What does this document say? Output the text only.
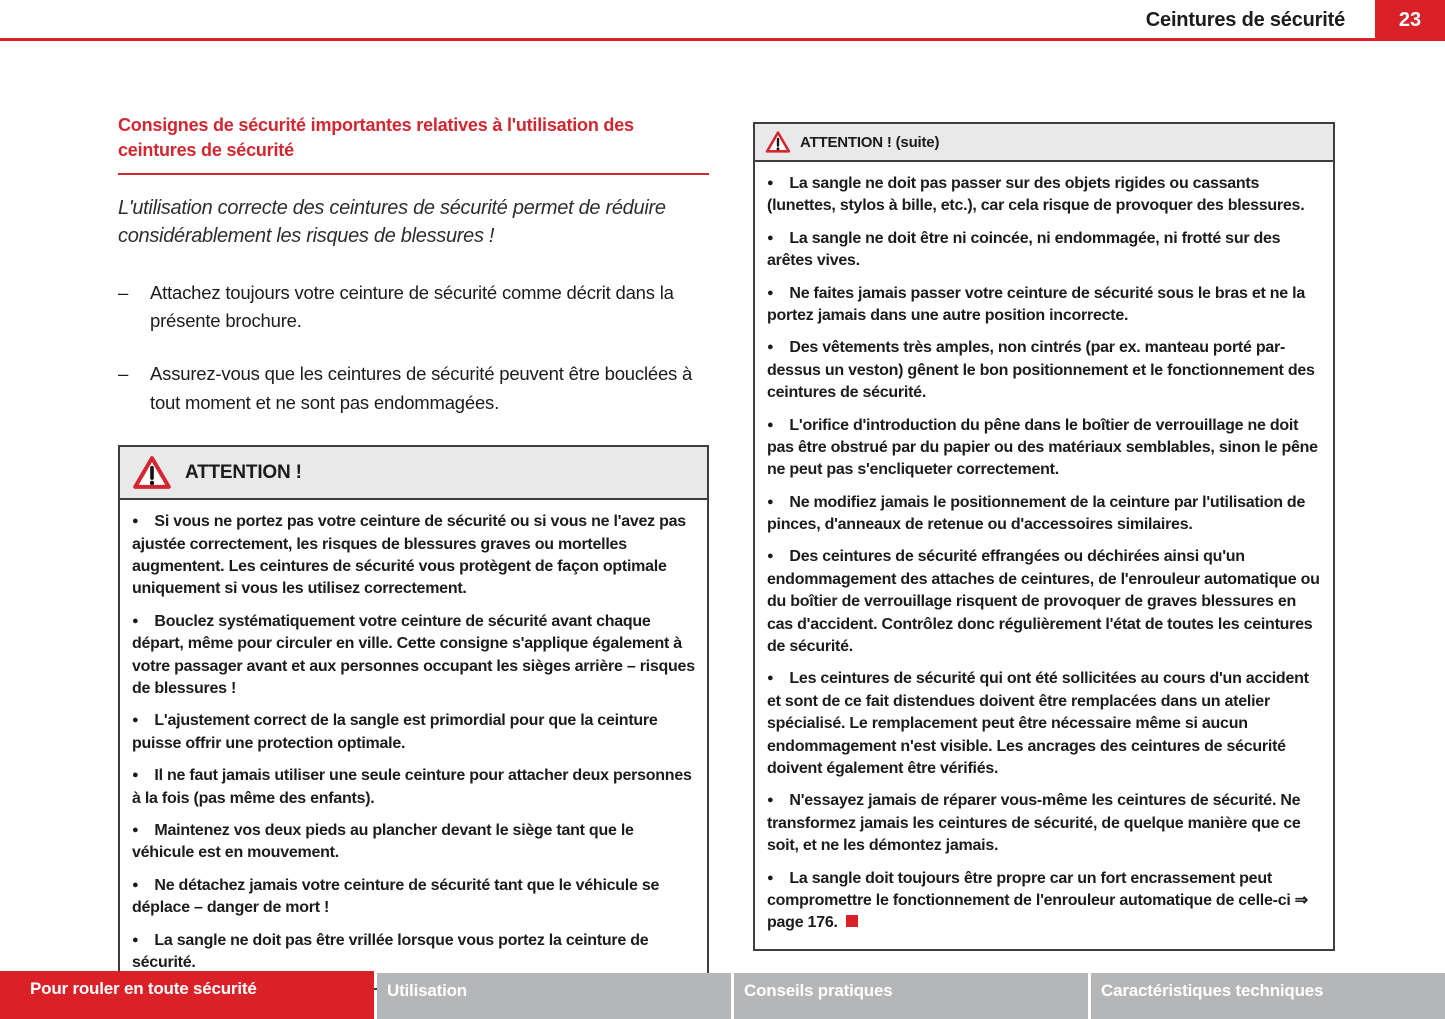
Ceintures de sécurité	23
Consignes de sécurité importantes relatives à l'utilisation des ceintures de sécurité

L'utilisation correcte des ceintures de sécurité permet de réduire considérablement les risques de blessures !

–	Attachez toujours votre ceinture de sécurité comme décrit dans la présente brochure.
–	Assurez-vous que les ceintures de sécurité peuvent être bouclées à tout moment et ne sont pas endommagées.
ATTENTION !

● Si vous ne portez pas votre ceinture de sécurité ou si vous ne l'avez pas ajustée correctement, les risques de blessures graves ou mortelles augmentent. Les ceintures de sécurité vous protègent de façon optimale uniquement si vous les utilisez correctement.

● Bouclez systématiquement votre ceinture de sécurité avant chaque départ, même pour circuler en ville. Cette consigne s'applique également à votre passager avant et aux personnes occupant les sièges arrière – risques de blessures !

● L'ajustement correct de la sangle est primordial pour que la ceinture puisse offrir une protection optimale.

● Il ne faut jamais utiliser une seule ceinture pour attacher deux personnes à la fois (pas même des enfants).

● Maintenez vos deux pieds au plancher devant le siège tant que le véhicule est en mouvement.

● Ne détachez jamais votre ceinture de sécurité tant que le véhicule se déplace – danger de mort !

● La sangle ne doit pas être vrillée lorsque vous portez la ceinture de sécurité.

ATTENTION ! (suite)

● La sangle ne doit pas passer sur des objets rigides ou cassants (lunettes, stylos à bille, etc.), car cela risque de provoquer des blessures.

● La sangle ne doit être ni coincée, ni endommagée, ni frotté sur des arêtes vives.

● Ne faites jamais passer votre ceinture de sécurité sous le bras et ne la portez jamais dans une autre position incorrecte.

● Des vêtements très amples, non cintrés (par ex. manteau porté par-dessus un veston) gênent le bon positionnement et le fonctionnement des ceintures de sécurité.

● L'orifice d'introduction du pêne dans le boîtier de verrouillage ne doit pas être obstrué par du papier ou des matériaux semblables, sinon le pêne ne peut pas s'encliqueter correctement.

● Ne modifiez jamais le positionnement de la ceinture par l'utilisation de pinces, d'anneaux de retenue ou d'accessoires similaires.

● Des ceintures de sécurité effrangées ou déchirées ainsi qu'un endommagement des attaches de ceintures, de l'enrouleur automatique ou du boîtier de verrouillage risquent de provoquer de graves blessures en cas d'accident. Contrôlez donc régulièrement l'état de toutes les ceintures de sécurité.

● Les ceintures de sécurité qui ont été sollicitées au cours d'un accident et sont de ce fait distendues doivent être remplacées dans un atelier spécialisé. Le remplacement peut être nécessaire même si aucun endommagement n'est visible. Les ancrages des ceintures de sécurité doivent également être vérifiés.

● N'essayez jamais de réparer vous-même les ceintures de sécurité. Ne transformez jamais les ceintures de sécurité, de quelque manière que ce soit, et ne les démontez jamais.

● La sangle doit toujours être propre car un fort encrassement peut compromettre le fonctionnement de l'enrouleur automatique de celle-ci ⇒ page 176.

Pour rouler en toute sécurité	Utilisation	Conseils pratiques	Caractéristiques techniques
